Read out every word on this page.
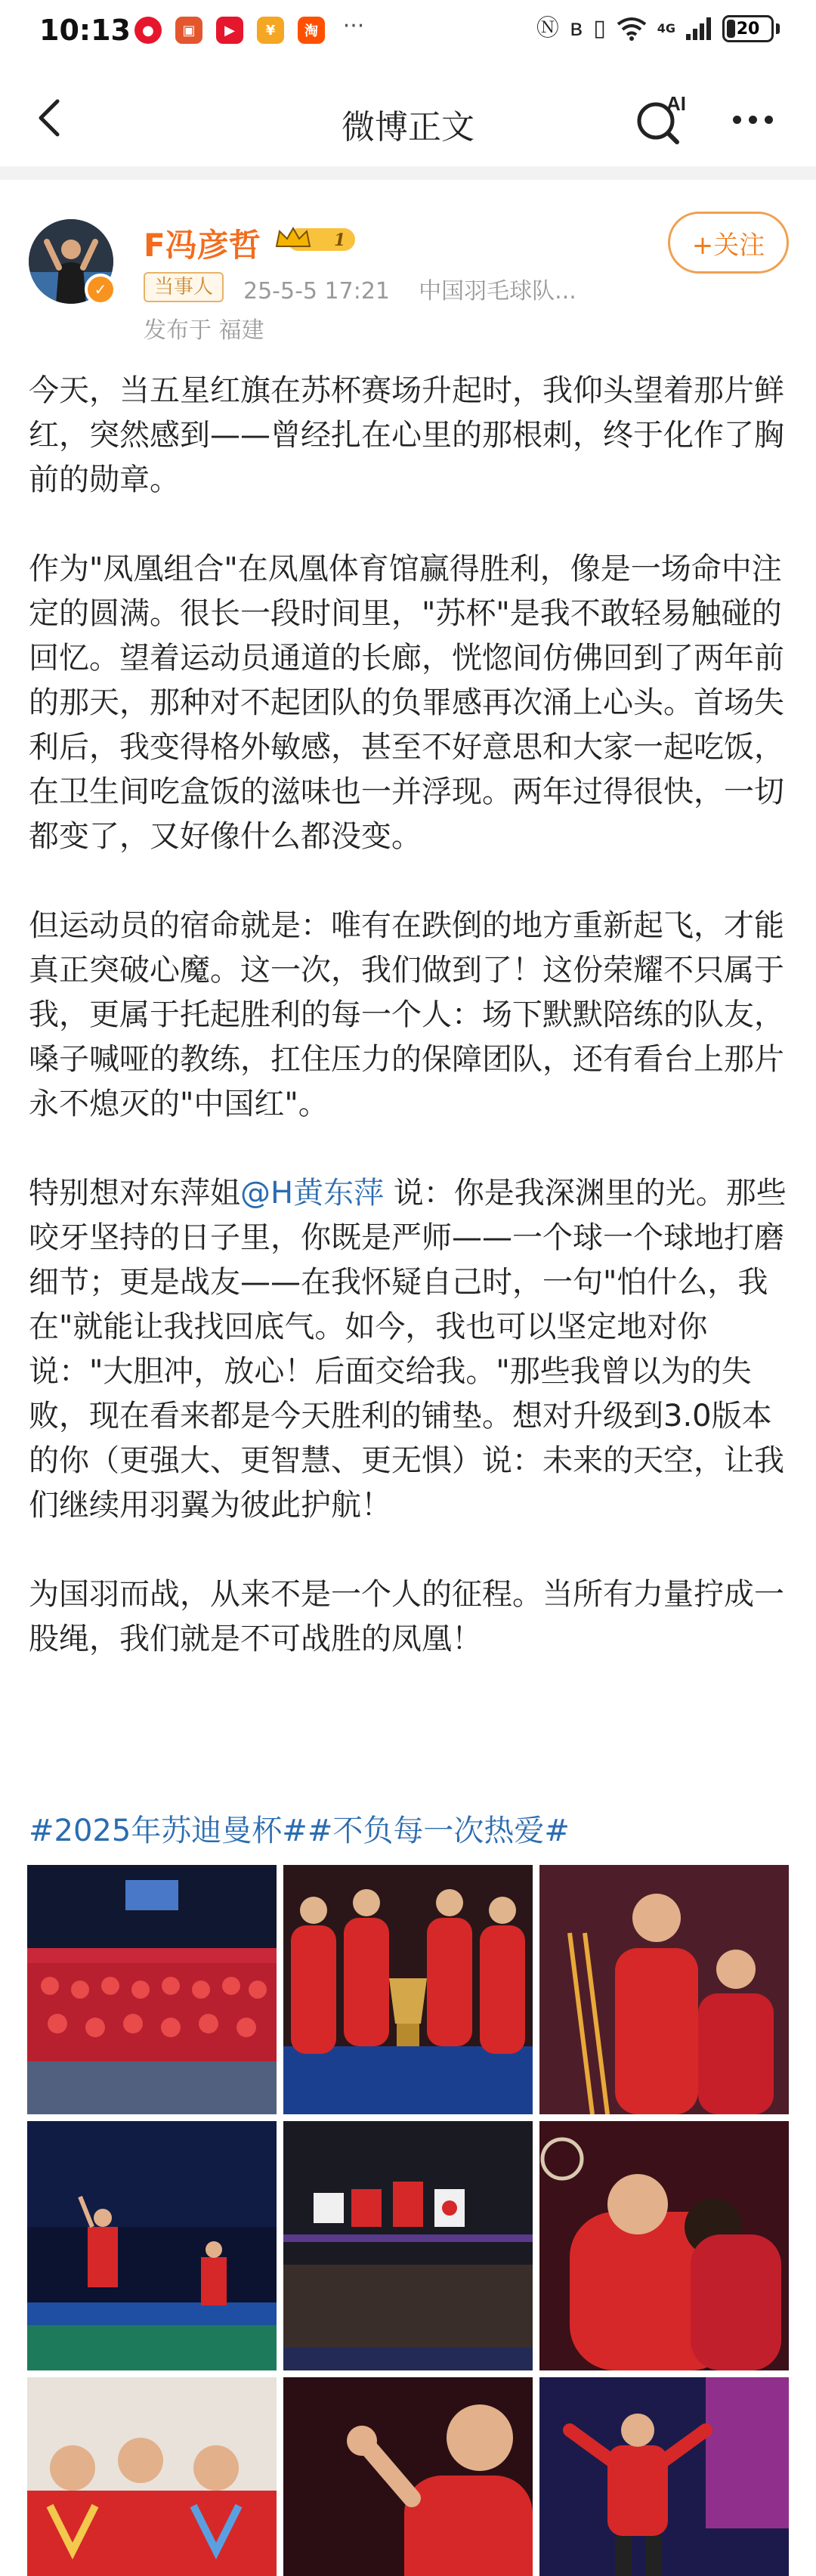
10:13 ●	▣	▶	¥	淘	···	Ⓝ ʙ ▯	4G	20
微博正文
AI
✓
F冯彦哲	1
当事人	25-5-5 17:21 中国羽毛球队...
发布于 福建
+关注
今天，当五星红旗在苏杯赛场升起时，我仰头望着那片鲜红，突然感到——曾经扎在心里的那根刺，终于化作了胸前的勋章。
作为"凤凰组合"在凤凰体育馆赢得胜利，像是一场命中注定的圆满。很长一段时间里，"苏杯"是我不敢轻易触碰的回忆。望着运动员通道的长廊，恍惚间仿佛回到了两年前的那天，那种对不起团队的负罪感再次涌上心头。首场失利后，我变得格外敏感，甚至不好意思和大家一起吃饭，在卫生间吃盒饭的滋味也一并浮现。两年过得很快，一切都变了，又好像什么都没变。
但运动员的宿命就是：唯有在跌倒的地方重新起飞，才能真正突破心魔。这一次，我们做到了！这份荣耀不只属于我，更属于托起胜利的每一个人：场下默默陪练的队友，嗓子喊哑的教练，扛住压力的保障团队，还有看台上那片永不熄灭的"中国红"。
特别想对东萍姐@H黄东萍 说：你是我深渊里的光。那些咬牙坚持的日子里，你既是严师——一个球一个球地打磨细节；更是战友——在我怀疑自己时，一句"怕什么，我在"就能让我找回底气。如今，我也可以坚定地对你说："大胆冲，放心！后面交给我。"那些我曾以为的失败，现在看来都是今天胜利的铺垫。想对升级到3.0版本的你（更强大、更智慧、更无惧）说：未来的天空，让我们继续用羽翼为彼此护航！
为国羽而战，从来不是一个人的征程。当所有力量拧成一股绳，我们就是不可战胜的凤凰！
#2025年苏迪曼杯##不负每一次热爱#
